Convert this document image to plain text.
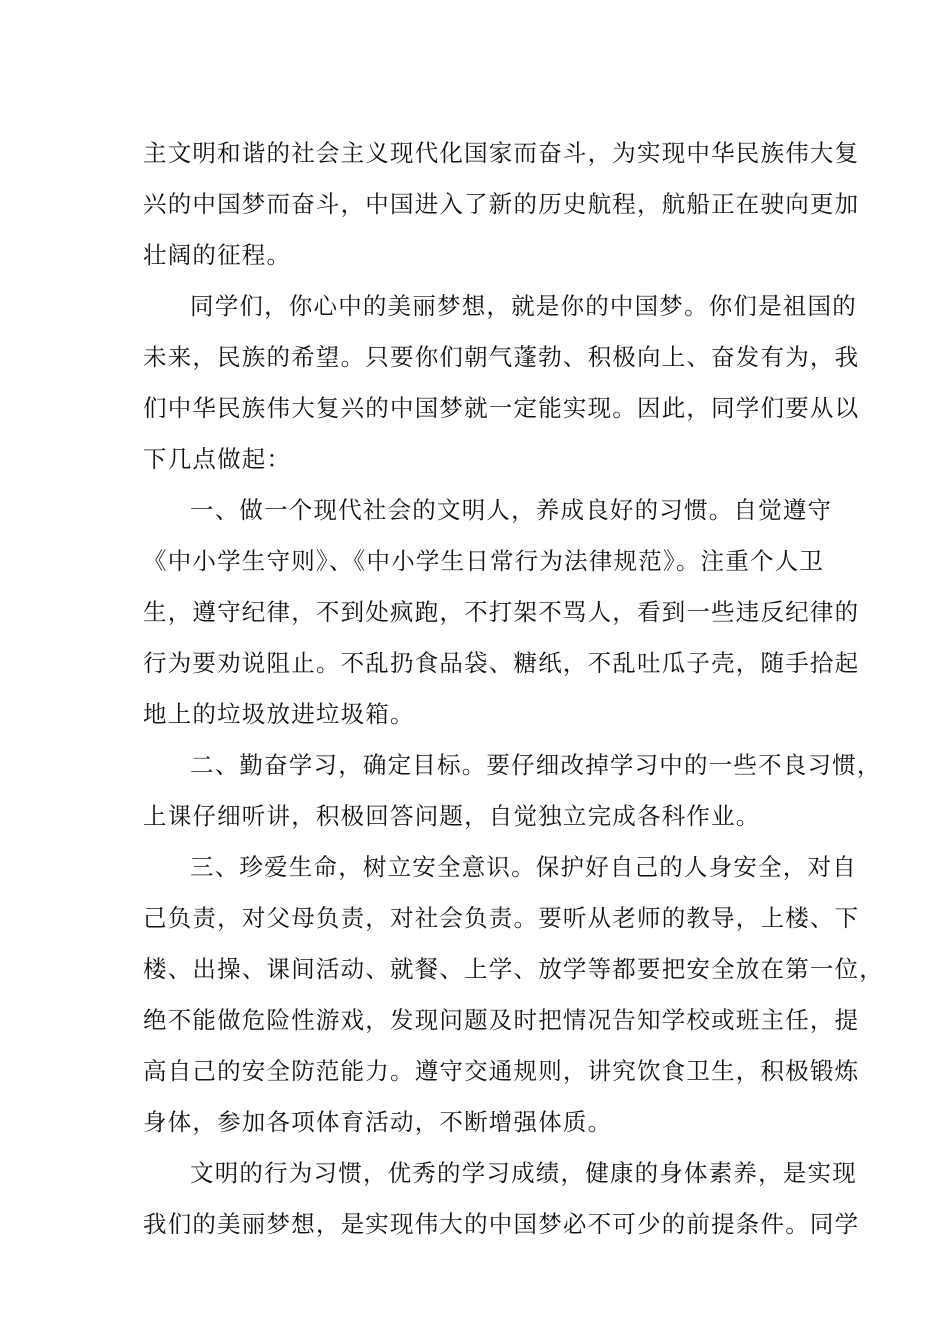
主文明和谐的社会主义现代化国家而奋斗，为实现中华民族伟大复
兴的中国梦而奋斗，中国进入了新的历史航程，航船正在驶向更加
壮阔的征程。

同学们，你心中的美丽梦想，就是你的中国梦。你们是祖国的
未来，民族的希望。只要你们朝气蓬勃、积极向上、奋发有为，我
们中华民族伟大复兴的中国梦就一定能实现。因此，同学们要从以
下几点做起：

一、做一个现代社会的文明人，养成良好的习惯。自觉遵守
《中小学生守则》、《中小学生日常行为法律规范》。注重个人卫
生，遵守纪律，不到处疯跑，不打架不骂人，看到一些违反纪律的
行为要劝说阻止。不乱扔食品袋、糖纸，不乱吐瓜子壳，随手拾起
地上的垃圾放进垃圾箱。

二、勤奋学习，确定目标。要仔细改掉学习中的一些不良习惯，
上课仔细听讲，积极回答问题，自觉独立完成各科作业。

三、珍爱生命，树立安全意识。保护好自己的人身安全，对自
己负责，对父母负责，对社会负责。要听从老师的教导，上楼、下
楼、出操、课间活动、就餐、上学、放学等都要把安全放在第一位，
绝不能做危险性游戏，发现问题及时把情况告知学校或班主任，提
高自己的安全防范能力。遵守交通规则，讲究饮食卫生，积极锻炼
身体，参加各项体育活动，不断增强体质。

文明的行为习惯，优秀的学习成绩，健康的身体素养，是实现
我们的美丽梦想，是实现伟大的中国梦必不可少的前提条件。同学
